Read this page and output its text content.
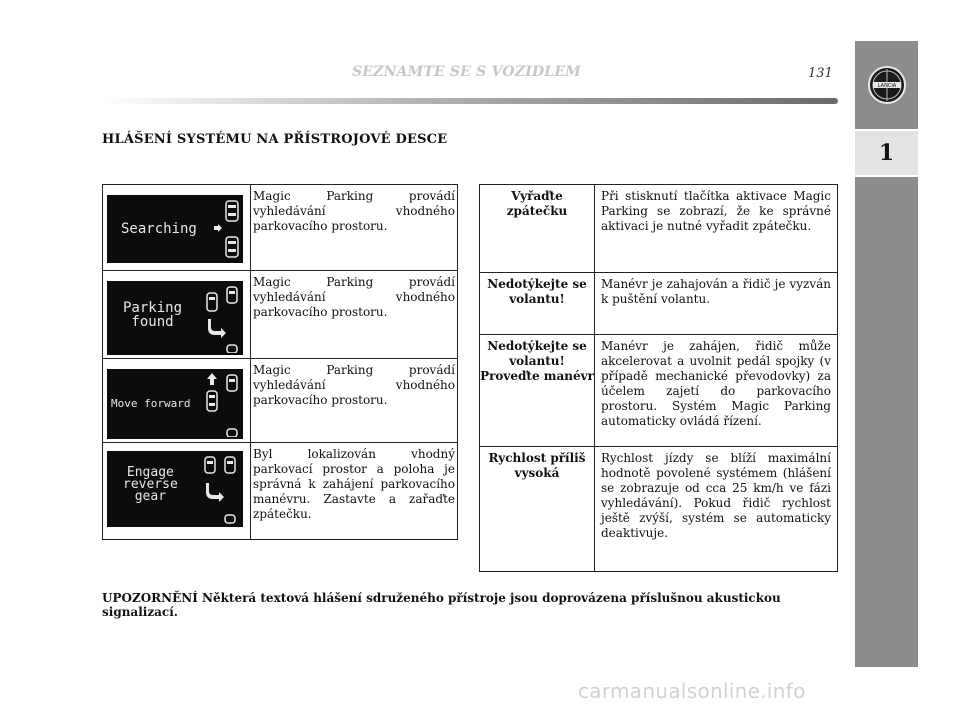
LANCIA
1
SEZNAMTE SE S VOZIDLEM	131
HLÁŠENÍ SYSTÉMU NA PŘÍSTROJOVÉ DESCE
Searching
Magic Parking provádí vyhledávání vhodného parkovacího prostoru.
Parking
found
Magic Parking provádí vyhledávání vhodného parkovacího prostoru.
Move forward
Magic Parking provádí vyhledávání vhodného parkovacího prostoru.
Engage
reverse
gear
Byl lokalizován vhodný parkovací prostor a poloha je správná k zahájení parkovacího manévru. Zastavte a zařaďte zpátečku.
Vyřaďte zpátečku
Při stisknutí tlačítka aktivace Magic Parking se zobrazí, že ke správné aktivaci je nutné vyřadit zpátečku.
Nedotýkejte se volantu!
Manévr je zahajován a řidič je vyzván k puštění volantu.
Nedotýkejte se volantu! Proveďte manévr
Manévr je zahájen, řidič může akcelerovat a uvolnit pedál spojky (v případě mechanické převodovky) za účelem zajetí do parkovacího prostoru. Systém Magic Parking automaticky ovládá řízení.
Rychlost příliš vysoká
Rychlost jízdy se blíží maximální hodnotě povolené systémem (hlášení se zobrazuje od cca 25 km/h ve fázi vyhledávání). Pokud řidič rychlost ještě zvýší, systém se automaticky deaktivuje.
UPOZORNĚNÍ Některá textová hlášení sdruženého přístroje jsou doprovázena příslušnou akustickou signalizací.
carmanualsonline.info
